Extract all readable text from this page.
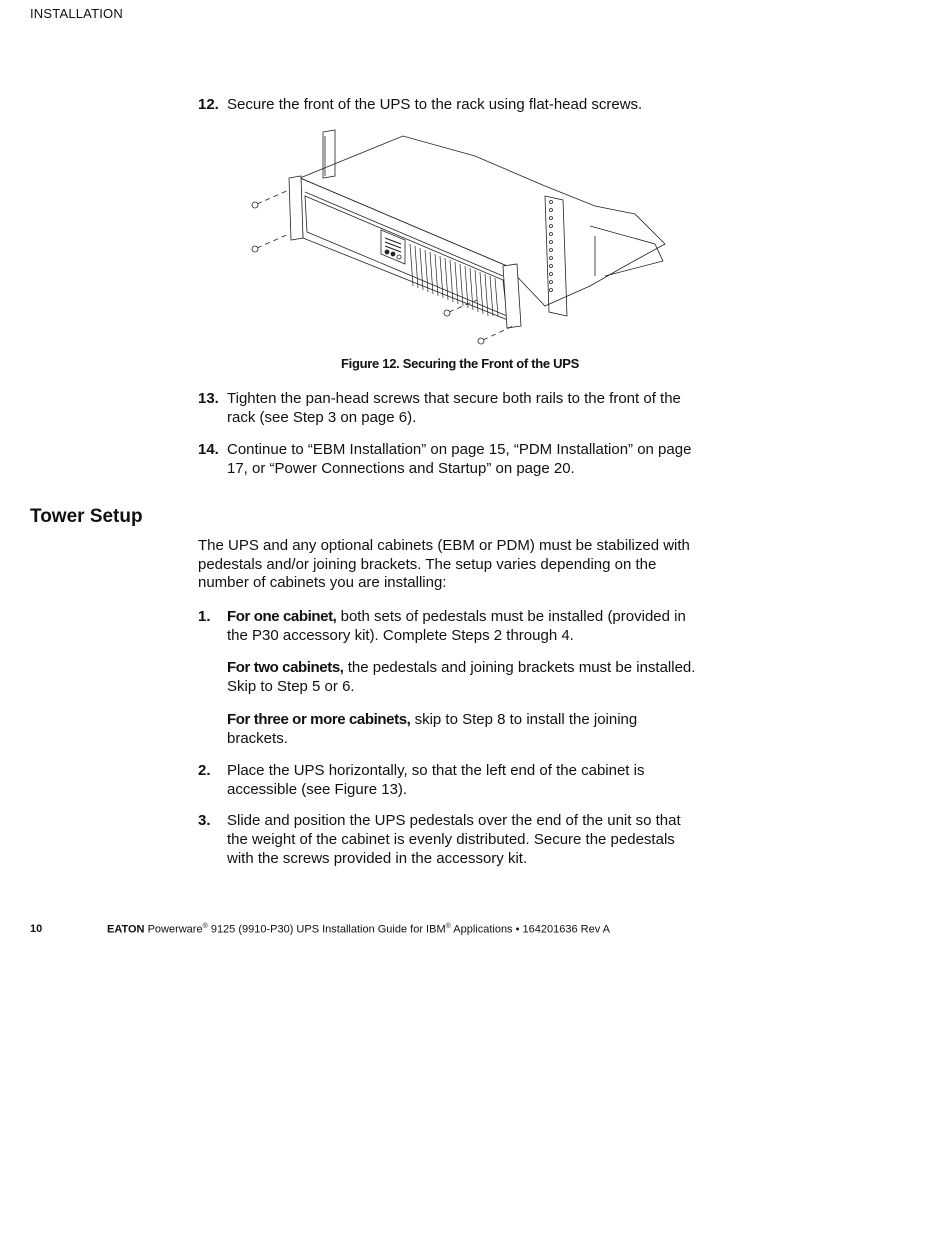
INSTALLATION
12. Secure the front of the UPS to the rack using flat-head screws.
Figure 12. Securing the Front of the UPS
13. Tighten the pan-head screws that secure both rails to the front of the rack (see Step 3 on page 6).
14. Continue to “EBM Installation” on page 15, “PDM Installation” on page 17, or “Power Connections and Startup” on page 20.
Tower Setup
The UPS and any optional cabinets (EBM or PDM) must be stabilized with pedestals and/or joining brackets. The setup varies depending on the number of cabinets you are installing:
1. For one cabinet, both sets of pedestals must be installed (provided in the P30 accessory kit). Complete Steps 2 through 4.
For two cabinets, the pedestals and joining brackets must be installed. Skip to Step 5 or 6.
For three or more cabinets, skip to Step 8 to install the joining brackets.
2. Place the UPS horizontally, so that the left end of the cabinet is accessible (see Figure 13).
3. Slide and position the UPS pedestals over the end of the unit so that the weight of the cabinet is evenly distributed. Secure the pedestals with the screws provided in the accessory kit.
10	EATON Powerware® 9125 (9910-P30) UPS Installation Guide for IBM® Applications • 164201636 Rev A
